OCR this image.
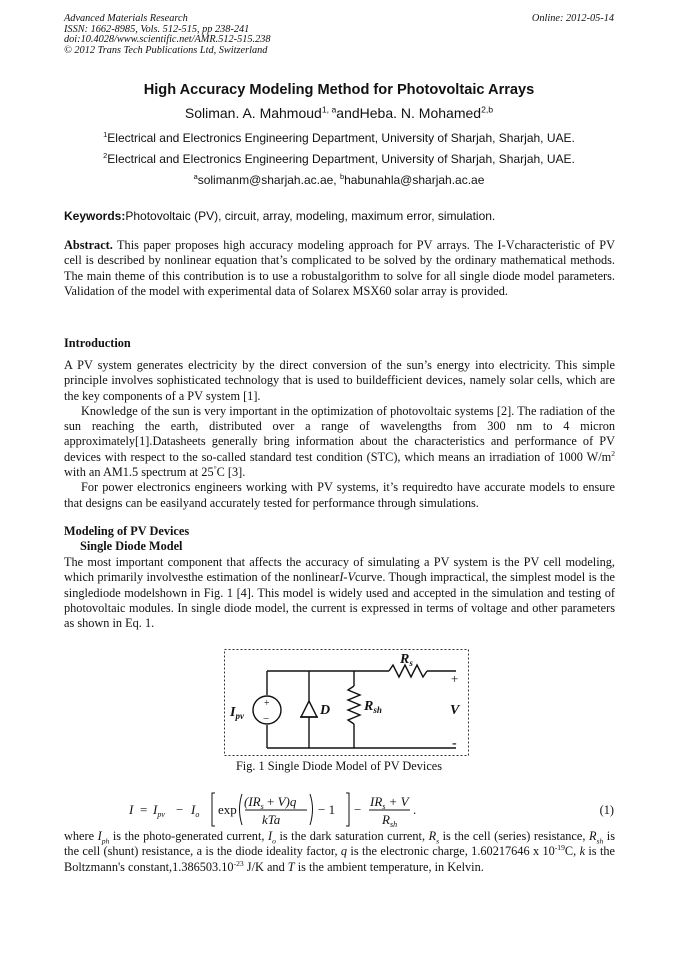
Advanced Materials Research
ISSN: 1662-8985, Vols. 512-515, pp 238-241
doi:10.4028/www.scientific.net/AMR.512-515.238
© 2012 Trans Tech Publications Ltd, Switzerland
Online: 2012-05-14
High Accuracy Modeling Method for Photovoltaic Arrays
Soliman. A. Mahmoud$^{1, a}$andHeba. N. Mohamed$^{2,b}$
$^1$Electrical and Electronics Engineering Department, University of Sharjah, Sharjah, UAE.
$^2$Electrical and Electronics Engineering Department, University of Sharjah, Sharjah, UAE.
$^a$solimanm@sharjah.ac.ae, $^b$habunahla@sharjah.ac.ae
Keywords:Photovoltaic (PV), circuit, array, modeling, maximum error, simulation.

Abstract. This paper proposes high accuracy modeling approach for PV arrays. The I-Vcharacteristic of PV cell is described by nonlinear equation that’s complicated to be solved by the ordinary mathematical methods. The main theme of this contribution is to use a robustalgorithm to solve for all single diode model parameters. Validation of the model with experimental data of Solarex MSX60 solar array is provided.

Introduction

A PV system generates electricity by the direct conversion of the sun’s energy into electricity. This simple principle involves sophisticated technology that is used to buildefficient devices, namely solar cells, which are the key components of a PV system [1].

Knowledge of the sun is very important in the optimization of photovoltaic systems [2]. The radiation of the sun reaching the earth, distributed over a range of wavelengths from 300 nm to 4 micron approximately[1].Datasheets generally bring information about the characteristics and performance of PV devices with respect to the so-called standard test condition (STC), which means an irradiation of 1000 $W/m^2$ with an AM1.5 spectrum at 25°C [3].

For power electronics engineers working with PV systems, it’s requiredto have accurate models to ensure that designs can be easilyand accurately tested for performance through simulations.

Modeling of PV Devices
Single Diode Model

The most important component that affects the accuracy of simulating a PV system is the PV cell modeling, which primarily involvesthe estimation of the nonlinearI-Vcurve. Though impractical, the simplest model is the singlediode modelshown in Fig. 1 [4]. This model is widely used and accepted in the simulation and testing of photovoltaic modules. In single diode model, the current is expressed in terms of voltage and other parameters as shown in Eq. 1.

+
−
$R_s$
$I_{pv}$	D $R_{sh}$
+
V
-
Fig. 1 Single Diode Model of PV Devices
$I = I_{pv} - I_o$ exp
$(IR_s + V)q$
kTa
− 1 −
$IR_s + V$
$R_{sh}$
.	(1)

where $I_{ph}$ is the photo-generated current, $I_o$ is the dark saturation current, $R_s$ is the cell (series) resistance, $R_{sh}$ is the cell (shunt) resistance, a is the diode ideality factor, q is the electronic charge, 1.60217646 x $10^{-19}C$, k is the Boltzmann's $constant,1.386503.10^{-23}$ J/K and T is the ambient temperature, in Kelvin.
